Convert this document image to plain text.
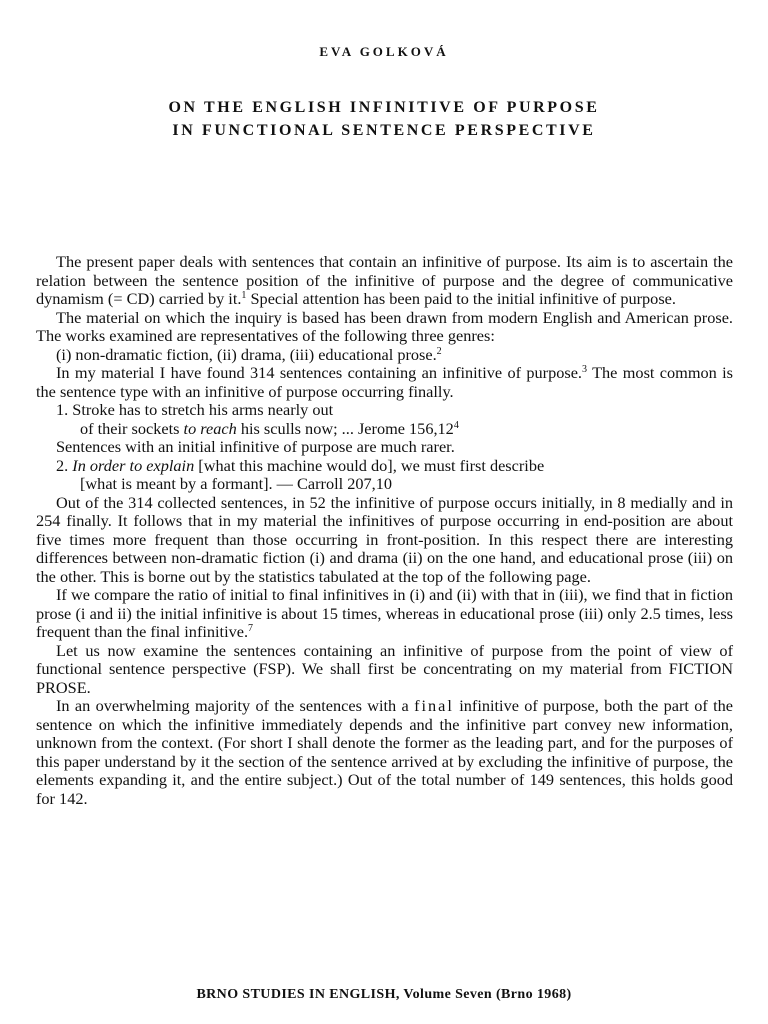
EVA GOLKOVÁ
ON THE ENGLISH INFINITIVE OF PURPOSE
IN FUNCTIONAL SENTENCE PERSPECTIVE

The present paper deals with sentences that contain an infinitive of purpose. Its aim is to ascertain the relation between the sentence position of the infinitive of purpose and the degree of communicative dynamism (= CD) carried by it.$^1$ Special attention has been paid to the initial infinitive of purpose.

The material on which the inquiry is based has been drawn from modern English and American prose. The works examined are representatives of the following three genres:

(i) non-dramatic fiction, (ii) drama, (iii) educational prose.$^2$

In my material I have found 314 sentences containing an infinitive of purpose.$^3$ The most common is the sentence type with an infinitive of purpose occurring finally.

1. Stroke has to stretch his arms nearly out
of their sockets to reach his sculls now; ... Jerome 156,12$^4$

Sentences with an initial infinitive of purpose are much rarer.

2. In order to explain [what this machine would do], we must first describe
[what is meant by a formant]. — Carroll 207,10

Out of the 314 collected sentences, in 52 the infinitive of purpose occurs initially, in 8 medially and in 254 finally. It follows that in my material the infinitives of purpose occurring in end-position are about five times more frequent than those occurring in front-position. In this respect there are interesting differences between non-dramatic fiction (i) and drama (ii) on the one hand, and educational prose (iii) on the other. This is borne out by the statistics tabulated at the top of the following page.

If we compare the ratio of initial to final infinitives in (i) and (ii) with that in (iii), we find that in fiction prose (i and ii) the initial infinitive is about 15 times, whereas in educational prose (iii) only 2.5 times, less frequent than the final infinitive.$^7$

Let us now examine the sentences containing an infinitive of purpose from the point of view of functional sentence perspective (FSP). We shall first be concentrating on my material from FICTION PROSE.

In an overwhelming majority of the sentences with a final infinitive of purpose, both the part of the sentence on which the infinitive immediately depends and the infinitive part convey new information, unknown from the context. (For short I shall denote the former as the leading part, and for the purposes of this paper understand by it the section of the sentence arrived at by excluding the infinitive of purpose, the elements expanding it, and the entire subject.) Out of the total number of 149 sentences, this holds good for 142.

BRNO STUDIES IN ENGLISH, Volume Seven (Brno 1968)
